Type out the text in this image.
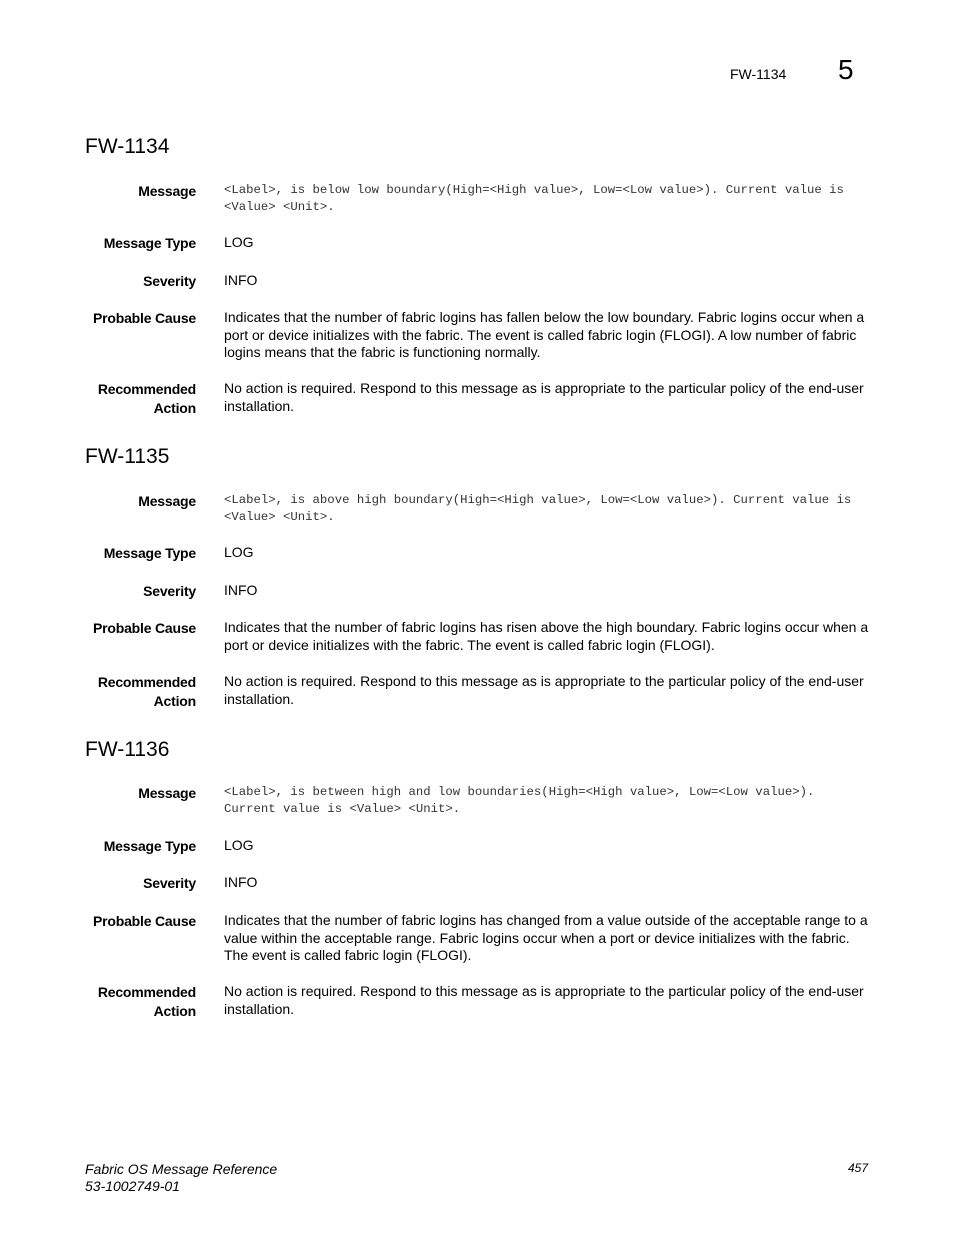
FW-1134 5
FW-1134
Message <Label>, is below low boundary(High=<High value>, Low=<Low value>). Current value is <Value> <Unit>.
Message Type LOG
Severity INFO
Probable Cause Indicates that the number of fabric logins has fallen below the low boundary. Fabric logins occur when a port or device initializes with the fabric. The event is called fabric login (FLOGI). A low number of fabric logins means that the fabric is functioning normally.
Recommended
Action
No action is required. Respond to this message as is appropriate to the particular policy of the end-user installation.
FW-1135
Message <Label>, is above high boundary(High=<High value>, Low=<Low value>). Current value is <Value> <Unit>.
Message Type LOG
Severity INFO
Probable Cause Indicates that the number of fabric logins has risen above the high boundary. Fabric logins occur when a port or device initializes with the fabric. The event is called fabric login (FLOGI).
Recommended
Action
No action is required. Respond to this message as is appropriate to the particular policy of the end-user installation.
FW-1136
Message <Label>, is between high and low boundaries(High=<High value>, Low=<Low value>). Current value is <Value> <Unit>.
Message Type LOG
Severity INFO
Probable Cause Indicates that the number of fabric logins has changed from a value outside of the acceptable range to a value within the acceptable range. Fabric logins occur when a port or device initializes with the fabric. The event is called fabric login (FLOGI).
Recommended
Action
No action is required. Respond to this message as is appropriate to the particular policy of the end-user installation.
Fabric OS Message Reference
53-1002749-01
457
